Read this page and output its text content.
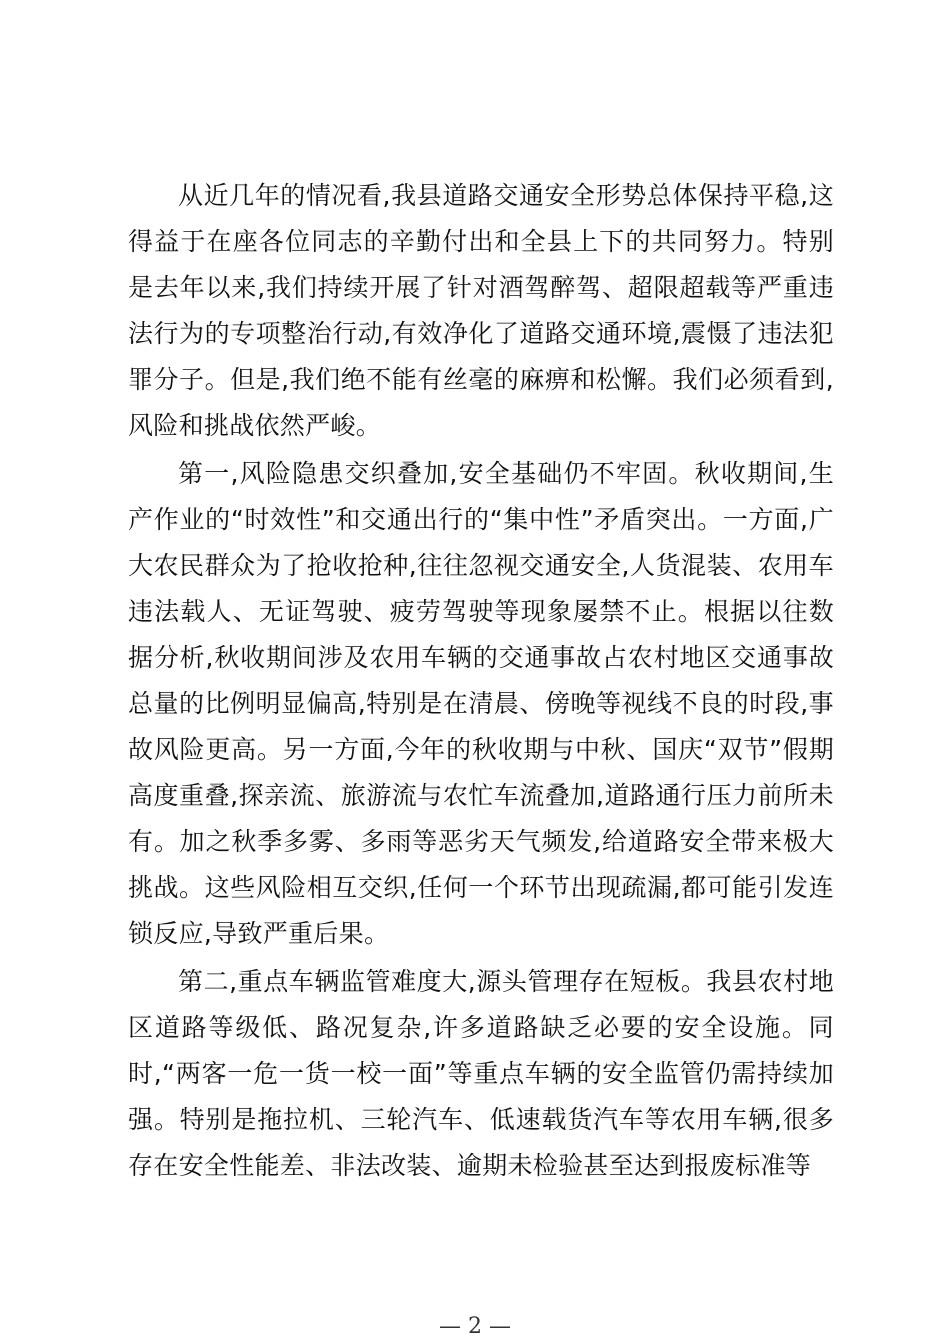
从近几年的情况看,我县道路交通安全形势总体保持平稳,这得益于在座各位同志的辛勤付出和全县上下的共同努力。特别是去年以来,我们持续开展了针对酒驾醉驾、超限超载等严重违法行为的专项整治行动,有效净化了道路交通环境,震慑了违法犯罪分子。但是,我们绝不能有丝毫的麻痹和松懈。我们必须看到,风险和挑战依然严峻。

第一,风险隐患交织叠加,安全基础仍不牢固。秋收期间,生产作业的“时效性”和交通出行的“集中性”矛盾突出。一方面,广大农民群众为了抢收抢种,往往忽视交通安全,人货混装、农用车违法载人、无证驾驶、疲劳驾驶等现象屡禁不止。根据以往数据分析,秋收期间涉及农用车辆的交通事故占农村地区交通事故总量的比例明显偏高,特别是在清晨、傍晚等视线不良的时段,事故风险更高。另一方面,今年的秋收期与中秋、国庆“双节”假期高度重叠,探亲流、旅游流与农忙车流叠加,道路通行压力前所未有。加之秋季多雾、多雨等恶劣天气频发,给道路安全带来极大挑战。这些风险相互交织,任何一个环节出现疏漏,都可能引发连锁反应,导致严重后果。

第二,重点车辆监管难度大,源头管理存在短板。我县农村地区道路等级低、路况复杂,许多道路缺乏必要的安全设施。同时,“两客一危一货一校一面”等重点车辆的安全监管仍需持续加强。特别是拖拉机、三轮汽车、低速载货汽车等农用车辆,很多存在安全性能差、非法改装、逾期未检验甚至达到报废标准等

— 2 —
